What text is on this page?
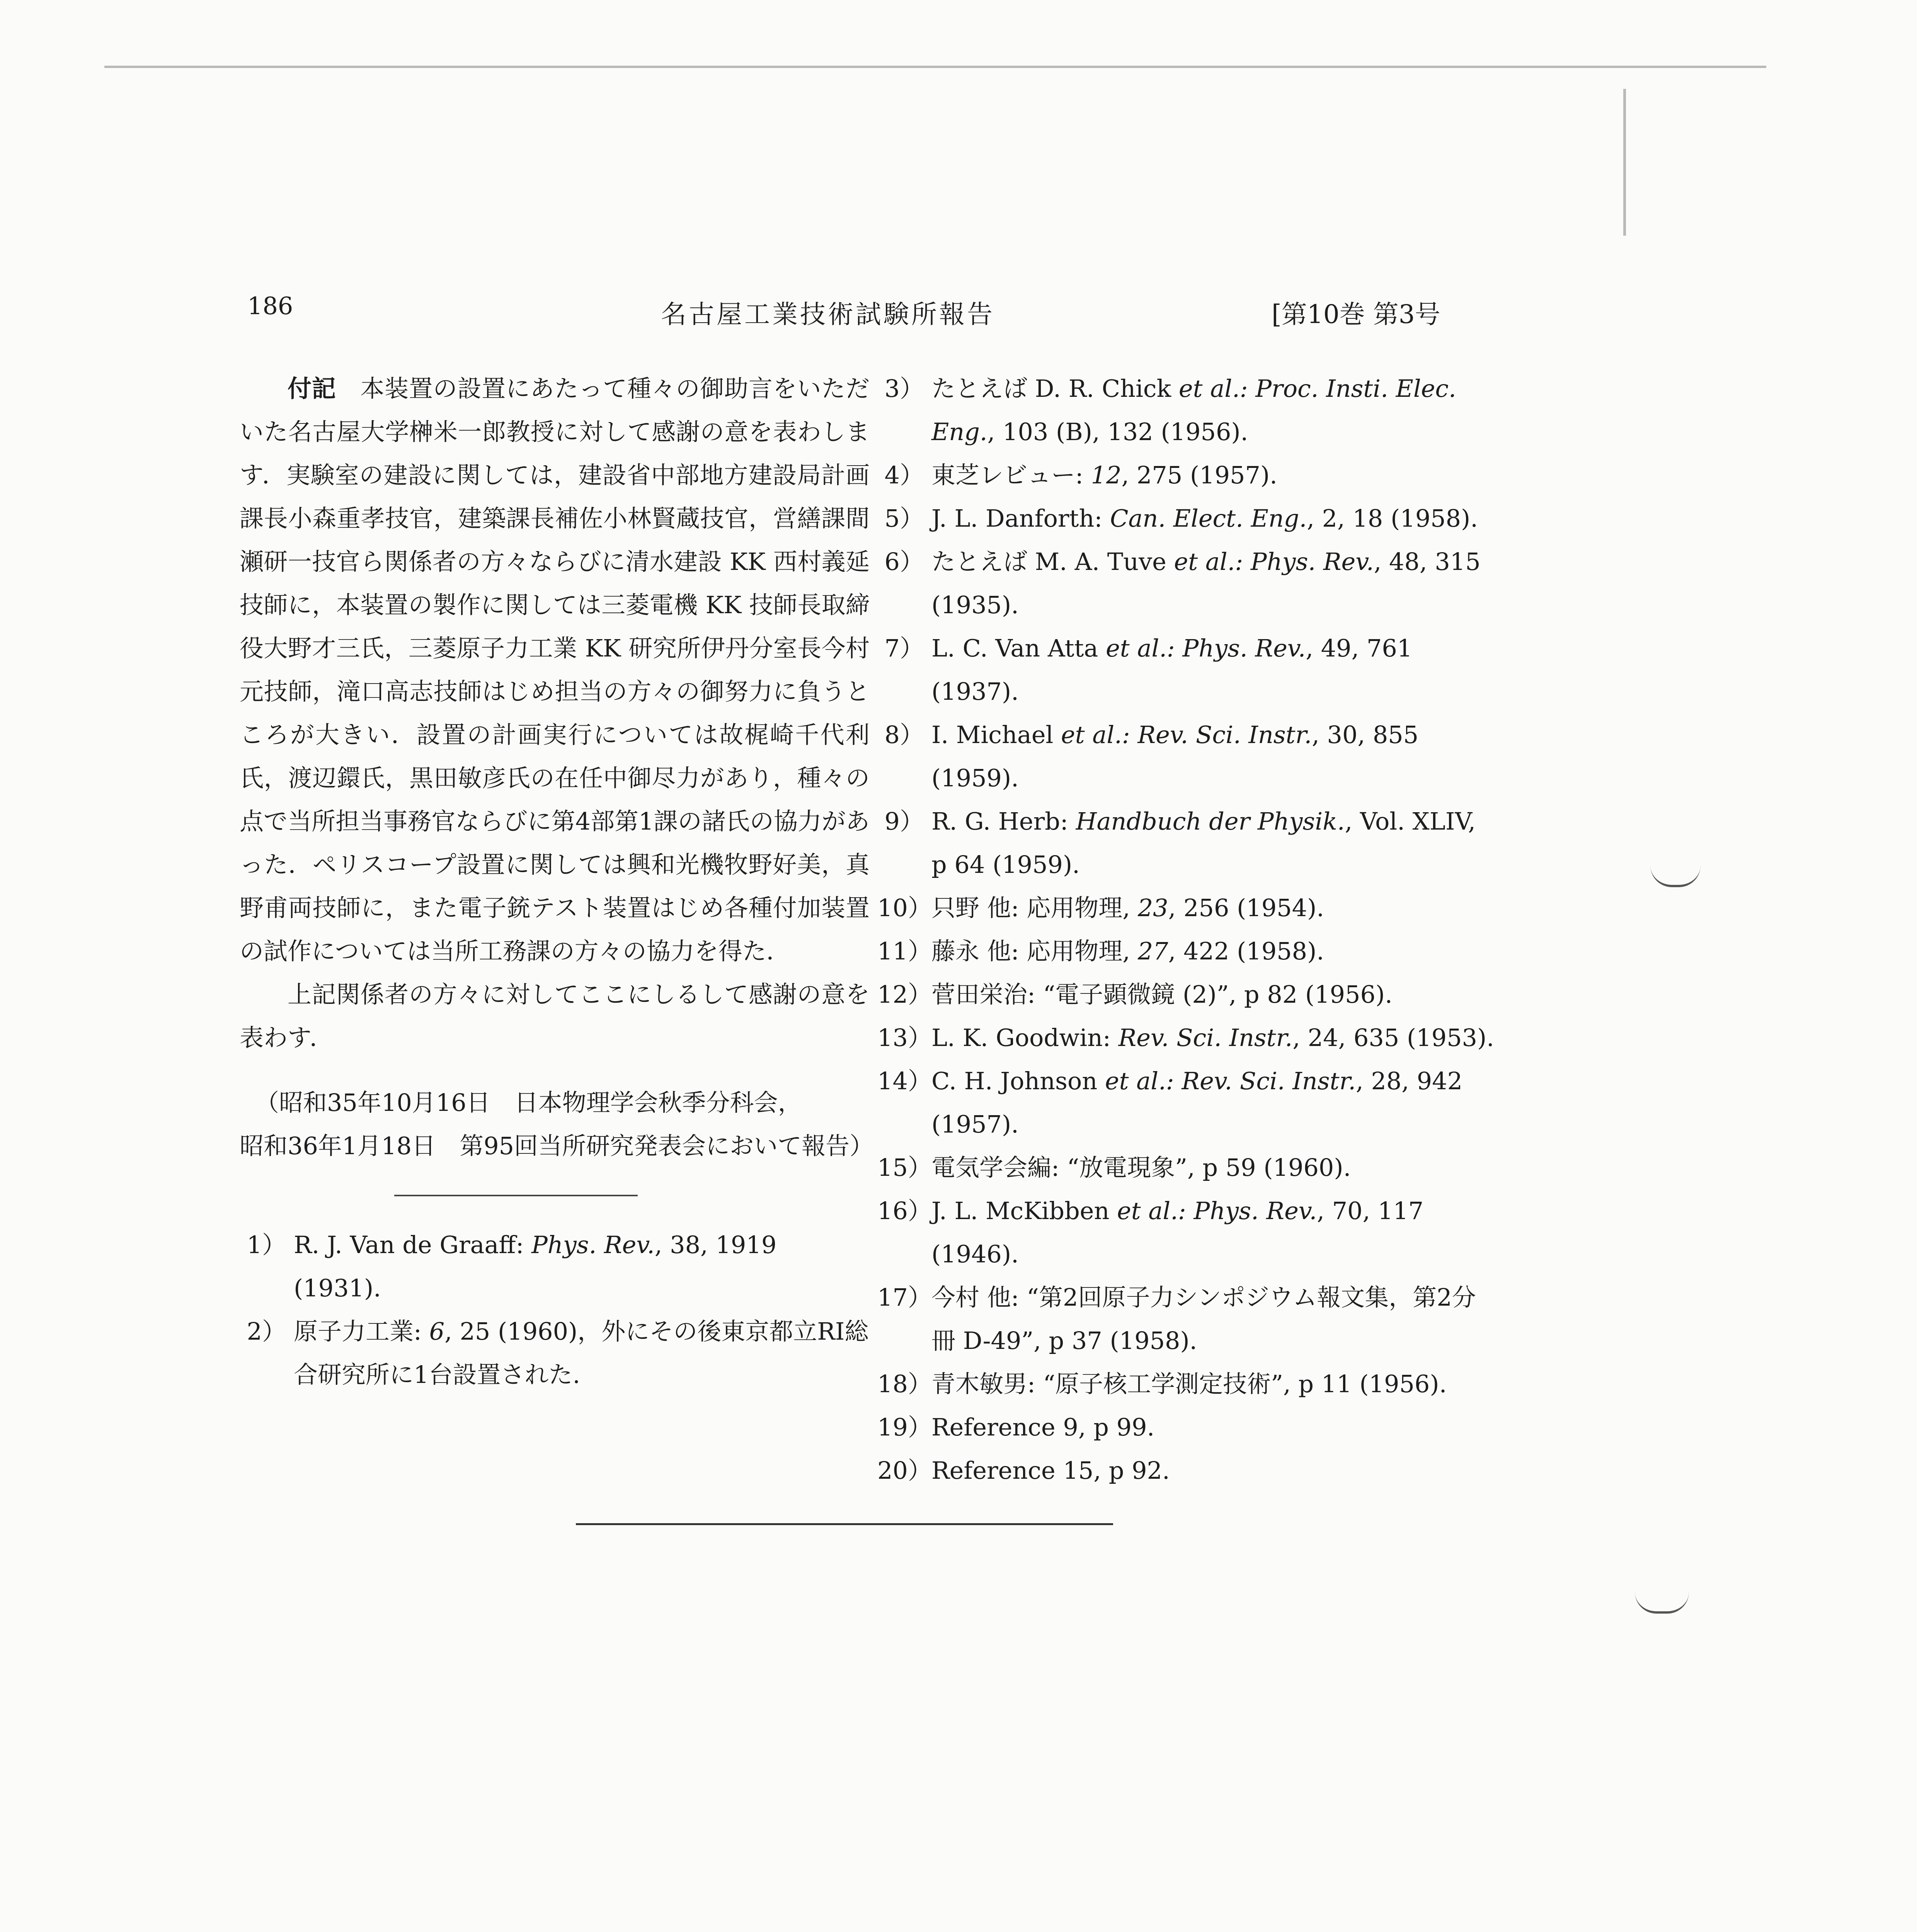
186	名古屋工業技術試験所報告	[第10巻 第3号

付記　 本装置の設置にあたって種々の御助言をいただいた名古屋大学榊米一郎教授に対して感謝の意を表わします．実験室の建設に関しては，建設省中部地方建設局計画課長小森重孝技官，建築課長補佐小林賢蔵技官，営繕課間瀬研一技官ら関係者の方々ならびに清水建設 KK 西村義延技師に，本装置の製作に関しては三菱電機 KK 技師長取締役大野才三氏，三菱原子力工業 KK 研究所伊丹分室長今村元技師，滝口高志技師はじめ担当の方々の御努力に負うところが大きい．設置の計画実行については故梶崎千代利氏，渡辺鐶氏，黒田敏彦氏の在任中御尽力があり，種々の点で当所担当事務官ならびに第4部第1課の諸氏の協力があった．ペリスコープ設置に関しては興和光機牧野好美，真野甫両技師に，また電子銃テスト装置はじめ各種付加装置の試作については当所工務課の方々の協力を得た．

上記関係者の方々に対してここにしるして感謝の意を表わす．

（昭和35年10月16日　日本物理学会秋季分科会，

昭和36年1月18日　第95回当所研究発表会において報告）

1） R. J. Van de Graaff: Phys. Rev., 38, 1919 (1931).
2） 原子力工業: 6, 25 (1960)，外にその後東京都立RI総合研究所に1台設置された.
3） たとえば D. R. Chick et al.: Proc. Insti. Elec. Eng., 103 (B), 132 (1956).
4） 東芝レビュー: 12, 275 (1957).
5） J. L. Danforth: Can. Elect. Eng., 2, 18 (1958).
6） たとえば M. A. Tuve et al.: Phys. Rev., 48, 315 (1935).
7） L. C. Van Atta et al.: Phys. Rev., 49, 761 (1937).
8） I. Michael et al.: Rev. Sci. Instr., 30, 855 (1959).
9） R. G. Herb: Handbuch der Physik., Vol. XLIV, p 64 (1959).
10） 只野 他: 応用物理, 23, 256 (1954).
11） 藤永 他: 応用物理, 27, 422 (1958).
12） 菅田栄治: “電子顕微鏡 (2)”, p 82 (1956).
13） L. K. Goodwin: Rev. Sci. Instr., 24, 635 (1953).
14） C. H. Johnson et al.: Rev. Sci. Instr., 28, 942 (1957).
15） 電気学会編: “放電現象”, p 59 (1960).
16） J. L. McKibben et al.: Phys. Rev., 70, 117 (1946).
17） 今村 他: “第2回原子力シンポジウム報文集，第2分冊 D-49”, p 37 (1958).
18） 青木敏男: “原子核工学測定技術”, p 11 (1956).
19） Reference 9, p 99.
20） Reference 15, p 92.
